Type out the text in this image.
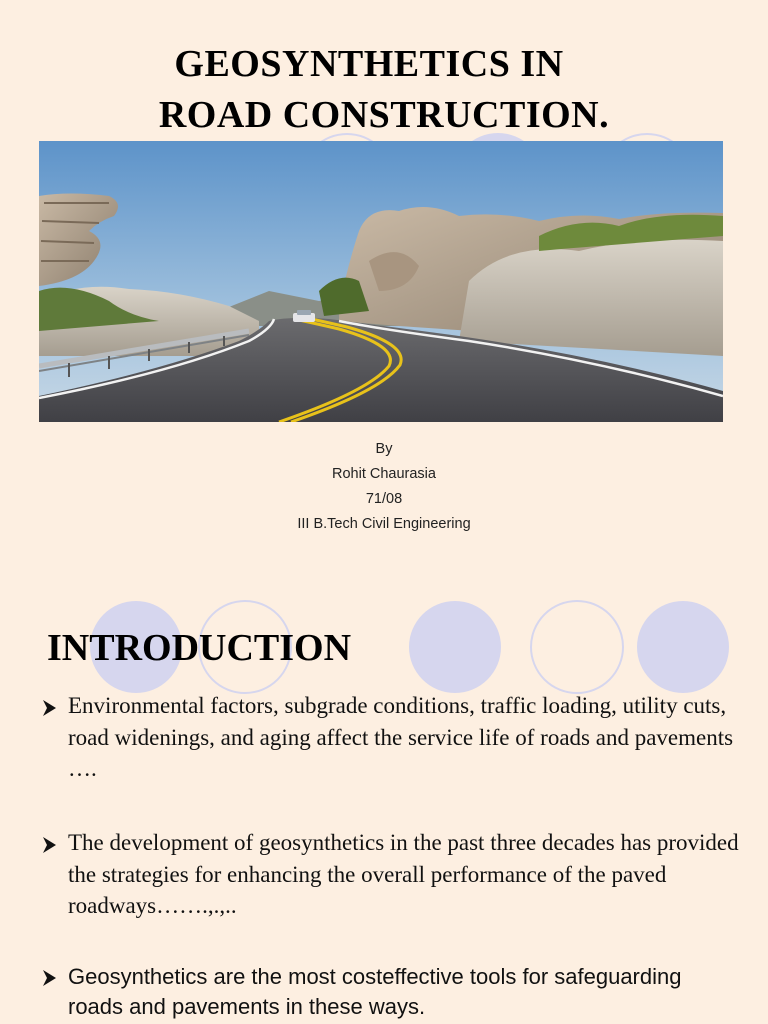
GEOSYNTHETICS IN
ROAD CONSTRUCTION.
By
Rohit Chaurasia
71/08
III B.Tech Civil Engineering
INTRODUCTION
Environmental factors, subgrade conditions, traffic loading, utility cuts, road widenings, and aging affect the service life of roads and pavements ….
The development of geosynthetics in the past three decades has provided the strategies for enhancing the overall performance of the paved roadways…….,.,..
Geosynthetics are the most costeffective tools for safeguarding roads and pavements in these ways.
